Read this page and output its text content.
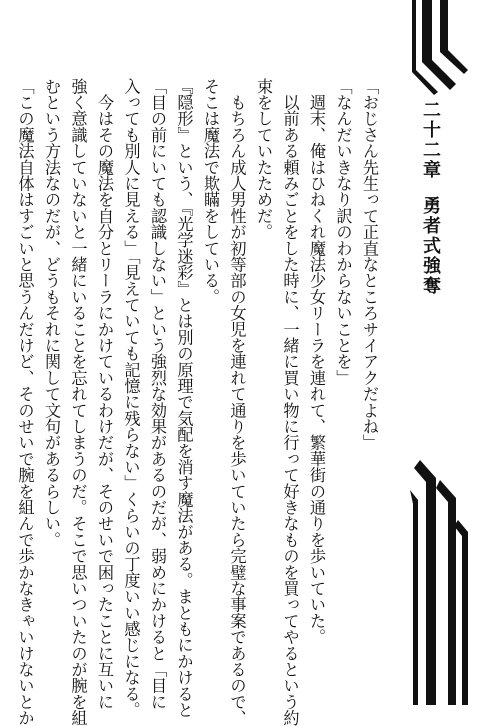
二十二章勇者式強奪
「おじさん先生って正直なところサイアクだよね」
「なんだいきなり訳のわからないことを」
　週末、俺はひねくれ魔法少女リーラを連れて、繁華街の通りを歩いていた。
　以前ある頼みごとをした時に、一緒に買い物に行って好きなものを買ってやるという約
束をしていたためだ。
　もちろん成人男性が初等部の女児を連れて通りを歩いていたら完璧な事案であるので、
そこは魔法で欺瞞をしている。
『隠形』という、『光学迷彩』とは別の原理で気配を消す魔法がある。まともにかけると
「目の前にいても認識しない」という強烈な効果があるのだが、弱めにかけると「目に
入っても別人に見える」「見えていても記憶に残らない」くらいの丁度いい感じになる。
　今はその魔法を自分とリーラにかけているわけだが、そのせいで困ったことに互いに
強く意識していないと一緒にいることを忘れてしまうのだ。そこで思いついたのが腕を組
むという方法なのだが、どうもそれに関して文句があるらしい。
「この魔法自体はすごいと思うんだけど、そのせいで腕を組んで歩かなきゃいけないとか
